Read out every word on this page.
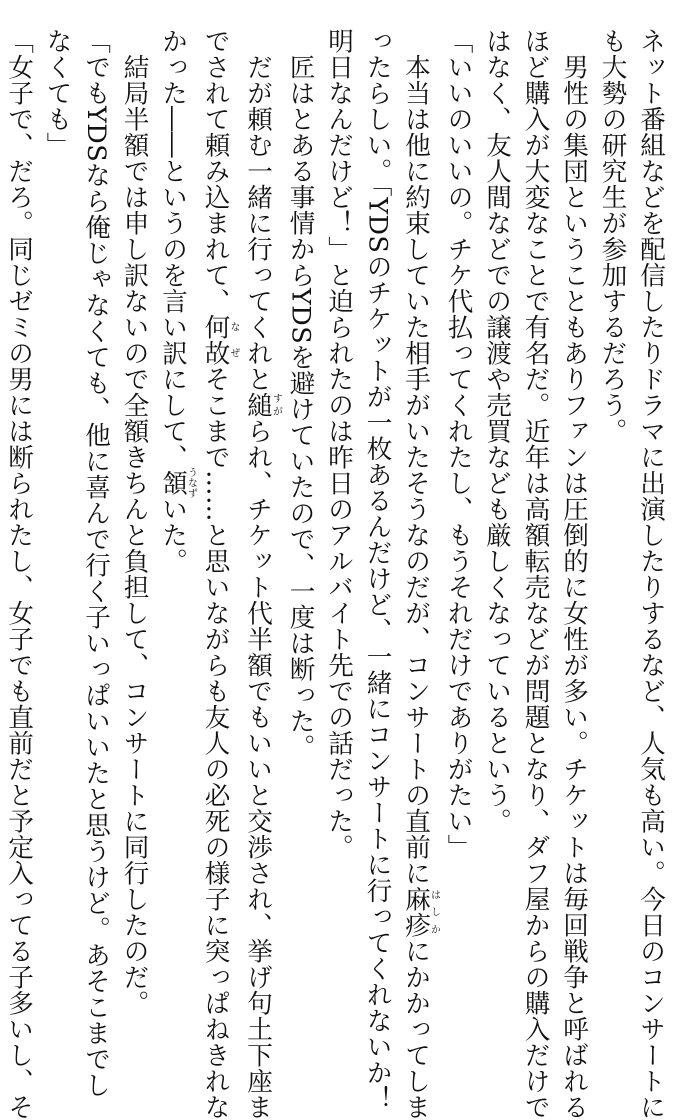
ネット番組などを配信したりドラマに出演したりするなど、人気も高い。今日のコンサートに
も大勢の研究生が参加するだろう。
　男性の集団ということもありファンは圧倒的に女性が多い。チケットは毎回戦争と呼ばれる
ほど購入が大変なことで有名だ。近年は高額転売などが問題となり、ダフ屋からの購入だけで
はなく、友人間などでの譲渡や売買なども厳しくなっているという。
「いいのいいの。チケ代払ってくれたし、もうそれだけでありがたい」
　本当は他に約束していた相手がいたそうなのだが、コンサートの直前に麻疹はしかにかかってしま
ったらしい。「YDSのチケットが一枚あるんだけど、一緒にコンサートに行ってくれないか！
明日なんだけど！」と迫られたのは昨日のアルバイト先での話だった。
　匠はとある事情からYDSを避けていたので、一度は断った。
　だが頼む一緒に行ってくれと縋すがられ、チケット代半額でもいいと交渉され、挙げ句土下座ま
でされて頼み込まれて、何故なぜそこまで……と思いながらも友人の必死の様子に突っぱねきれな
かった――というのを言い訳にして、頷うなずいた。
　結局半額では申し訳ないので全額きちんと負担して、コンサートに同行したのだ。
「でもYDSなら俺じゃなくても、他に喜んで行く子いっぱいいたと思うけど。あそこまでし
なくても」
「女子で、だろ。同じゼミの男には断られたし、女子でも直前だと予定入ってる子多いし、そ
